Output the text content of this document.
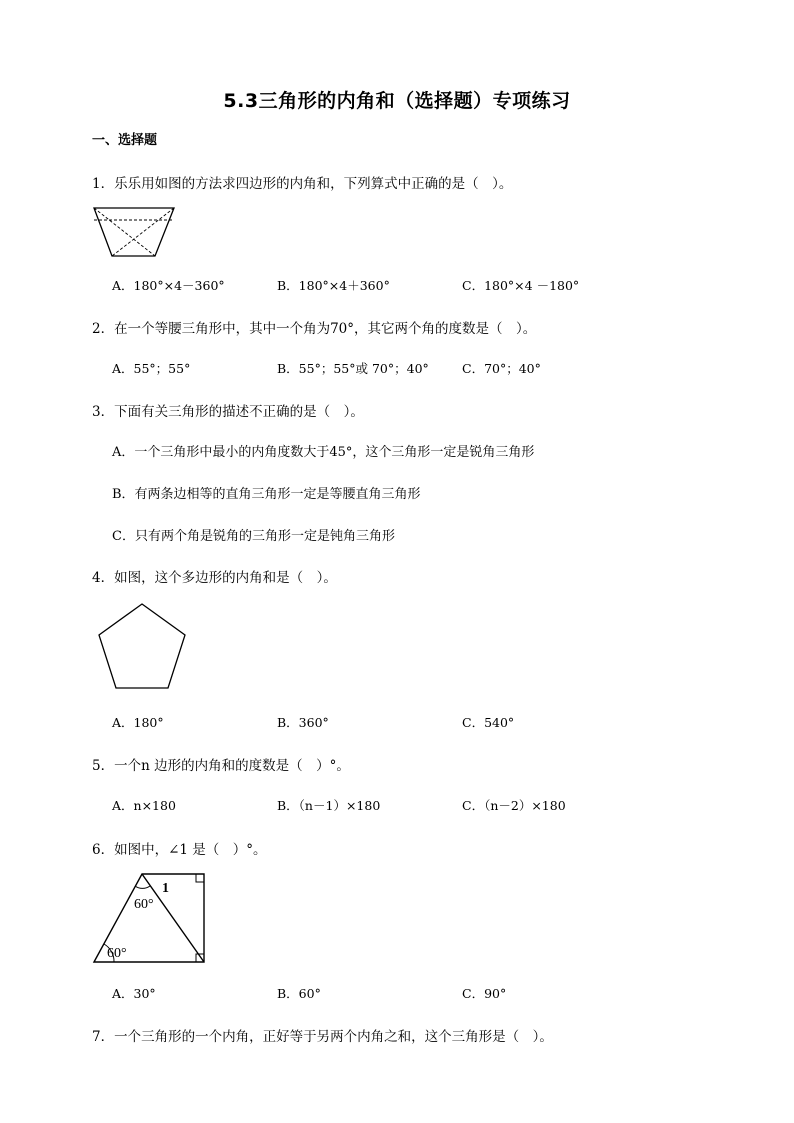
5.3三角形的内角和（选择题）专项练习
一、选择题
1．乐乐用如图的方法求四边形的内角和，下列算式中正确的是（　）。
A．180°×4－360°	B．180°×4＋360°	C．180°×4 －180°
2．在一个等腰三角形中，其中一个角为70°，其它两个角的度数是（　）。
A．55°；55°	B．55°；55°或 70°；40°	C．70°；40°
3．下面有关三角形的描述不正确的是（　）。
A．一个三角形中最小的内角度数大于45°，这个三角形一定是锐角三角形
B．有两条边相等的直角三角形一定是等腰直角三角形
C．只有两个角是锐角的三角形一定是钝角三角形
4．如图，这个多边形的内角和是（　）。
A．180°	B．360°	C．540°
5．一个n 边形的内角和的度数是（　）°。
A．n×180	B．（n－1）×180	C．（n－2）×180
6．如图中，∠1 是（　）°。
1
60°
60°
A．30°	B．60°	C．90°
7．一个三角形的一个内角，正好等于另两个内角之和，这个三角形是（　）。
